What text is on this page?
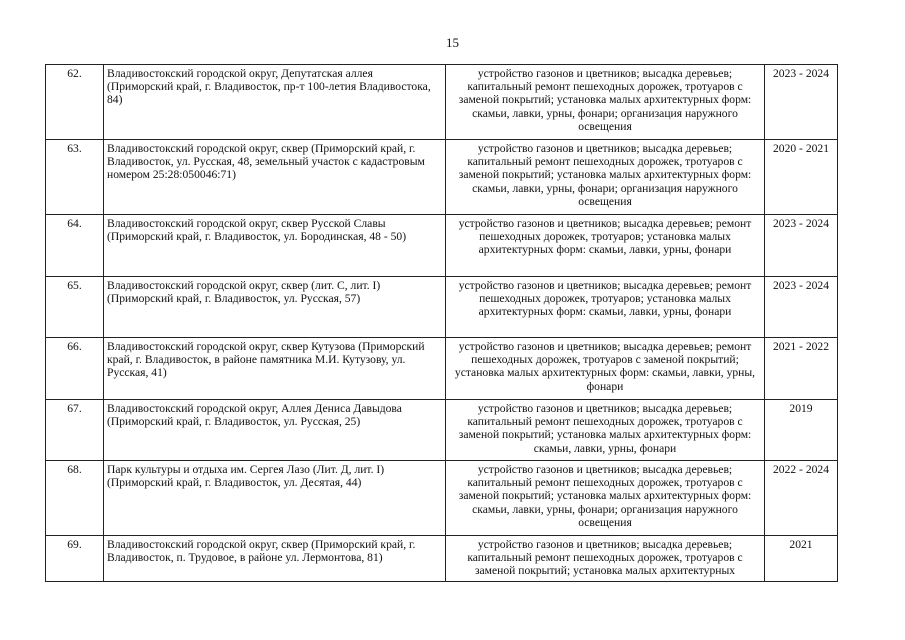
15
62.	Владивостокский городской округ, Депутатская аллея (Приморский край, г. Владивосток, пр-т 100-летия Владивостока, 84)	устройство газонов и цветников; высадка деревьев; капитальный ремонт пешеходных дорожек, тротуаров с заменой покрытий; установка малых архитектурных форм: скамьи, лавки, урны, фонари; организация наружного освещения	2023 - 2024
63.	Владивостокский городской округ, сквер (Приморский край, г. Владивосток, ул. Русская, 48, земельный участок с кадастровым номером 25:28:050046:71)	устройство газонов и цветников; высадка деревьев; капитальный ремонт пешеходных дорожек, тротуаров с заменой покрытий; установка малых архитектурных форм: скамьи, лавки, урны, фонари; организация наружного освещения	2020 - 2021
64.	Владивостокский городской округ, сквер Русской Славы (Приморский край, г. Владивосток, ул. Бородинская, 48 - 50)	устройство газонов и цветников; высадка деревьев; ремонт пешеходных дорожек, тротуаров; установка малых архитектурных форм: скамьи, лавки, урны, фонари	2023 - 2024
65.	Владивостокский городской округ, сквер (лит. С, лит. I) (Приморский край, г. Владивосток, ул. Русская, 57)	устройство газонов и цветников; высадка деревьев; ремонт пешеходных дорожек, тротуаров; установка малых архитектурных форм: скамьи, лавки, урны, фонари	2023 - 2024
66.	Владивостокский городской округ, сквер Кутузова (Приморский край, г. Владивосток, в районе памятника М.И. Кутузову, ул. Русская, 41)	устройство газонов и цветников; высадка деревьев; ремонт пешеходных дорожек, тротуаров с заменой покрытий; установка малых архитектурных форм: скамьи, лавки, урны, фонари	2021 - 2022
67.	Владивостокский городской округ, Аллея Дениса Давыдова (Приморский край, г. Владивосток, ул. Русская, 25)	устройство газонов и цветников; высадка деревьев; капитальный ремонт пешеходных дорожек, тротуаров с заменой покрытий; установка малых архитектурных форм: скамьи, лавки, урны, фонари	2019
68.	Парк культуры и отдыха им. Сергея Лазо (Лит. Д, лит. I) (Приморский край, г. Владивосток, ул. Десятая, 44)	устройство газонов и цветников; высадка деревьев; капитальный ремонт пешеходных дорожек, тротуаров с заменой покрытий; установка малых архитектурных форм: скамьи, лавки, урны, фонари; организация наружного освещения	2022 - 2024
69.	Владивостокский городской округ, сквер (Приморский край, г. Владивосток, п. Трудовое, в районе ул. Лермонтова, 81)	устройство газонов и цветников; высадка деревьев; капитальный ремонт пешеходных дорожек, тротуаров с заменой покрытий; установка малых архитектурных	2021
